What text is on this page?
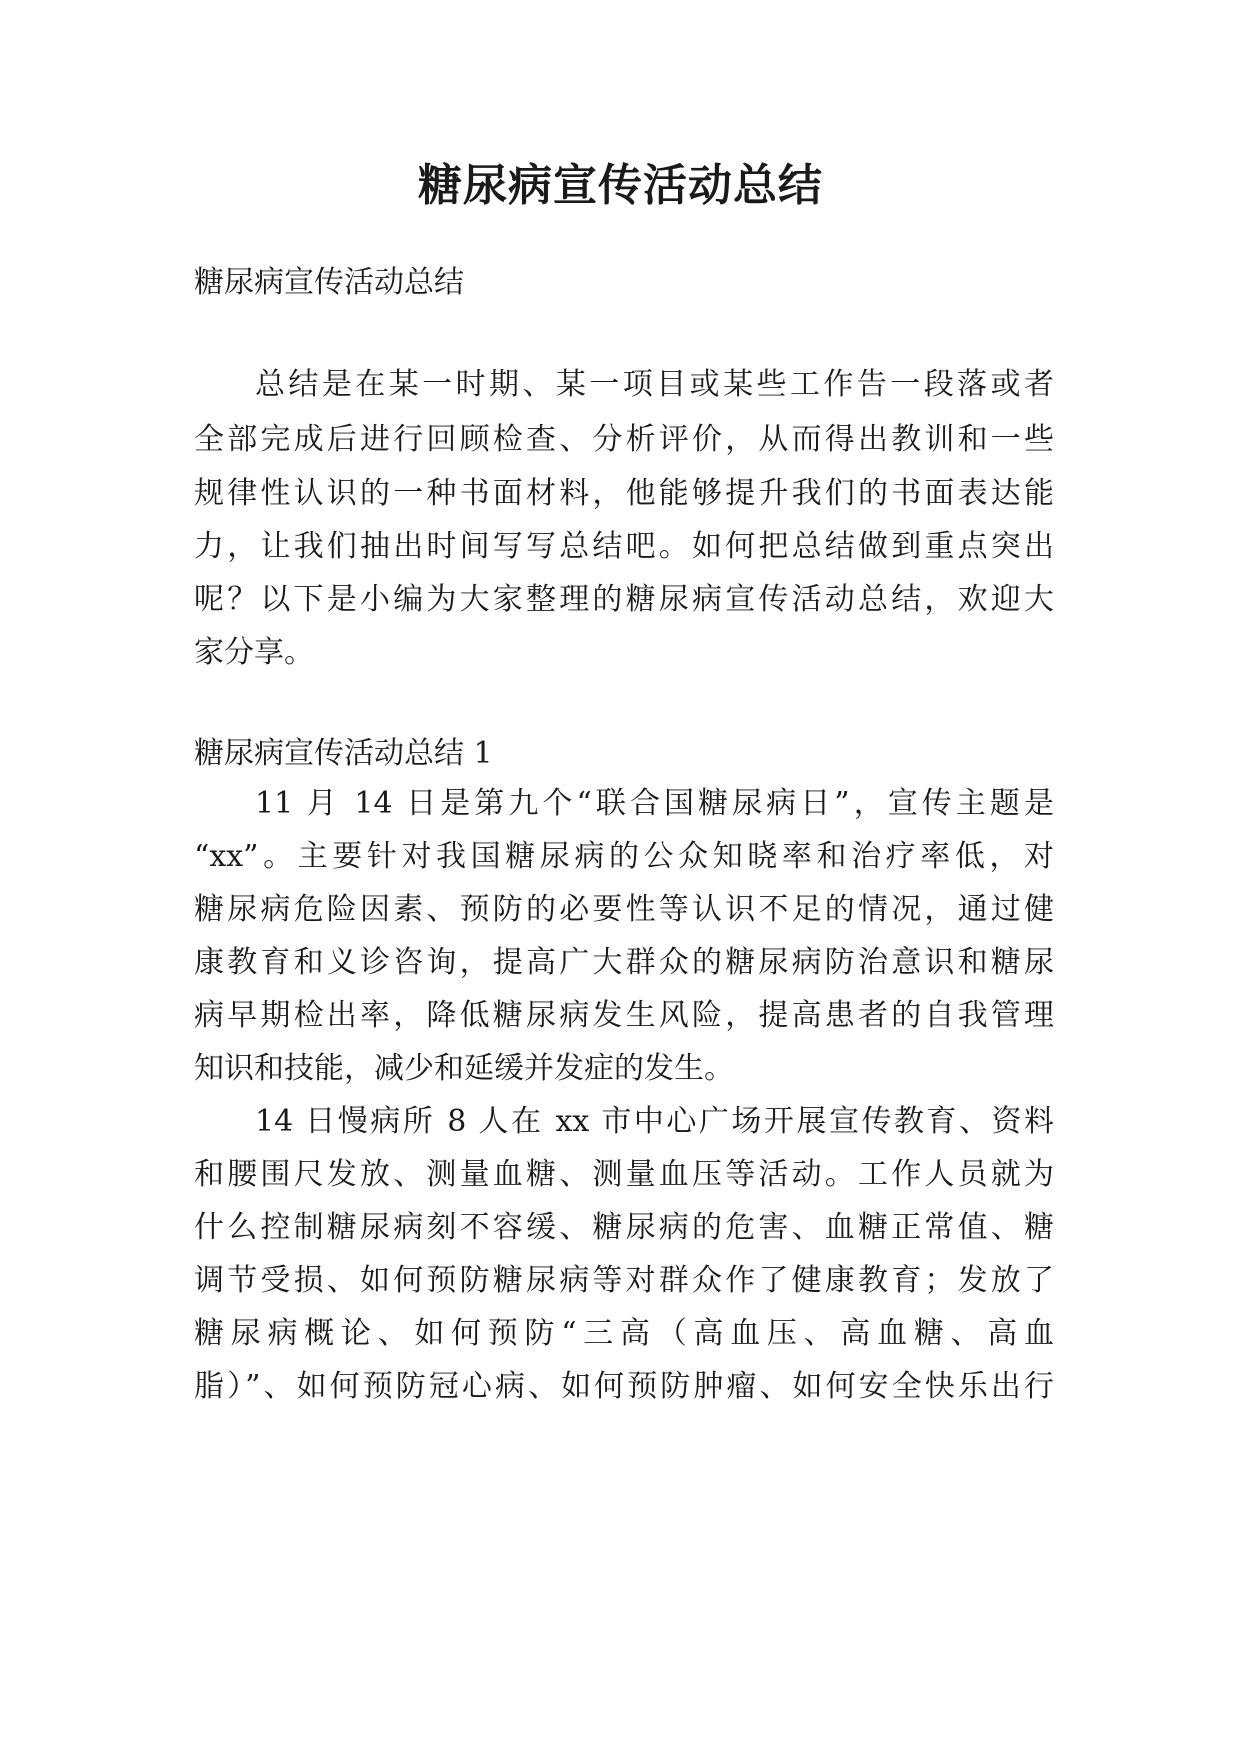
糖尿病宣传活动总结

糖尿病宣传活动总结

总结是在某一时期、某一项目或某些工作告一段落或者

全部完成后进行回顾检查、分析评价，从而得出教训和一些

规律性认识的一种书面材料，他能够提升我们的书面表达能

力，让我们抽出时间写写总结吧。如何把总结做到重点突出

呢？以下是小编为大家整理的糖尿病宣传活动总结，欢迎大

家分享。

糖尿病宣传活动总结 1

11 月 14 日是第九个“联合国糖尿病日”，宣传主题是

“xx”。主要针对我国糖尿病的公众知晓率和治疗率低，对

糖尿病危险因素、预防的必要性等认识不足的情况，通过健

康教育和义诊咨询，提高广大群众的糖尿病防治意识和糖尿

病早期检出率，降低糖尿病发生风险，提高患者的自我管理

知识和技能，减少和延缓并发症的发生。

14 日慢病所 8 人在 xx 市中心广场开展宣传教育、资料

和腰围尺发放、测量血糖、测量血压等活动。工作人员就为

什么控制糖尿病刻不容缓、糖尿病的危害、血糖正常值、糖

调节受损、如何预防糖尿病等对群众作了健康教育；发放了

糖尿病概论、如何预防“三高（高血压、高血糖、高血

脂）”、如何预防冠心病、如何预防肿瘤、如何安全快乐出行
